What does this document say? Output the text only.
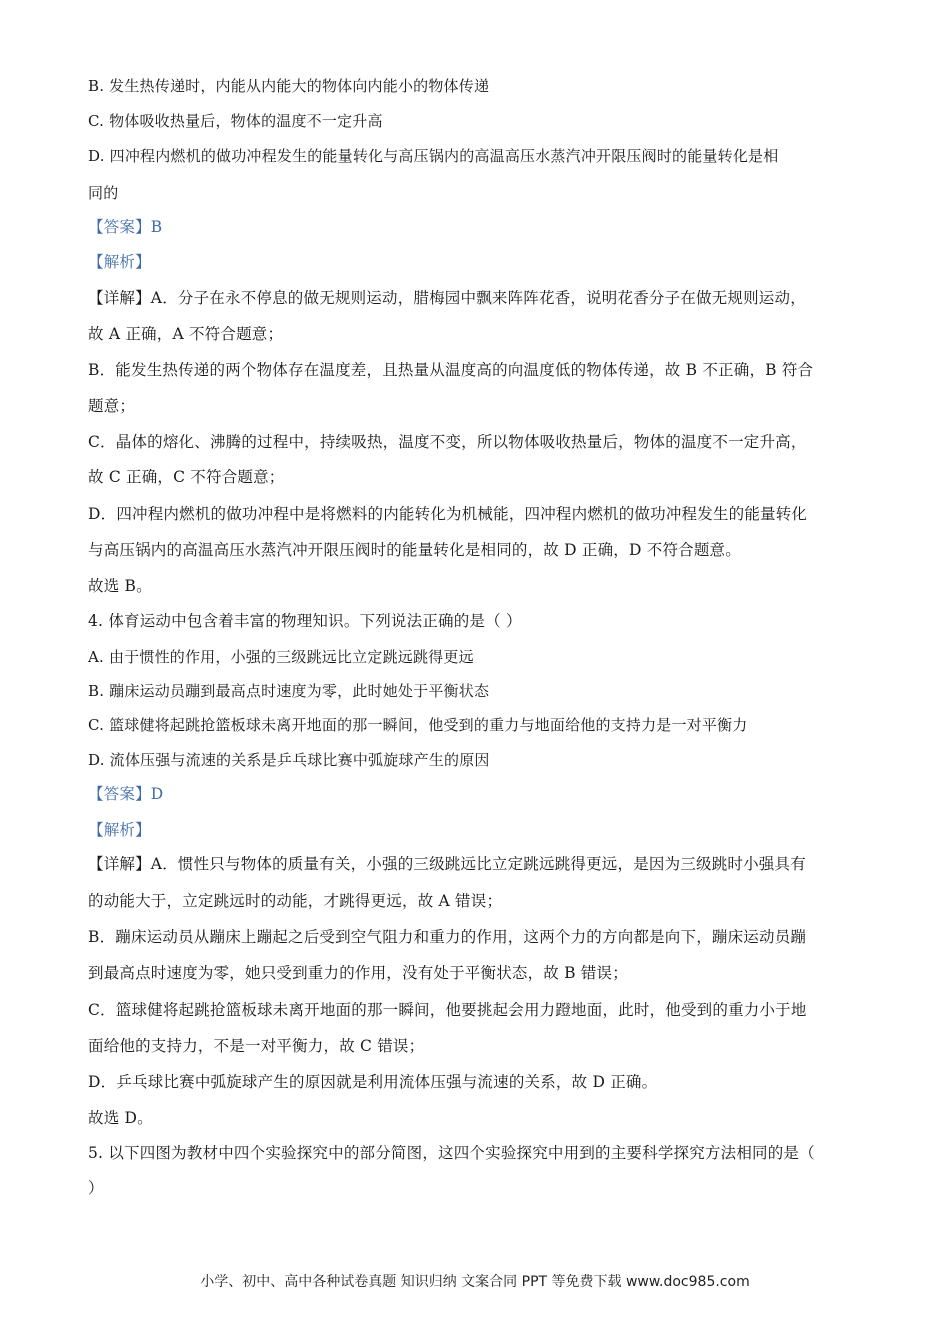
B. 发生热传递时，内能从内能大的物体向内能小的物体传递
C. 物体吸收热量后，物体的温度不一定升高
D. 四冲程内燃机的做功冲程发生的能量转化与高压锅内的高温高压水蒸汽冲开限压阀时的能量转化是相
同的
【答案】B
【解析】
【详解】A．分子在永不停息的做无规则运动，腊梅园中飘来阵阵花香，说明花香分子在做无规则运动，
故 A 正确，A 不符合题意；
B．能发生热传递的两个物体存在温度差，且热量从温度高的向温度低的物体传递，故 B 不正确，B 符合
题意；
C．晶体的熔化、沸腾的过程中，持续吸热，温度不变，所以物体吸收热量后，物体的温度不一定升高，
故 C 正确，C 不符合题意；
D．四冲程内燃机的做功冲程中是将燃料的内能转化为机械能，四冲程内燃机的做功冲程发生的能量转化
与高压锅内的高温高压水蒸汽冲开限压阀时的能量转化是相同的，故 D 正确，D 不符合题意。
故选 B。
4. 体育运动中包含着丰富的物理知识。下列说法正确的是（ ）
A. 由于惯性的作用，小强的三级跳远比立定跳远跳得更远
B. 蹦床运动员蹦到最高点时速度为零，此时她处于平衡状态
C. 篮球健将起跳抢篮板球未离开地面的那一瞬间，他受到的重力与地面给他的支持力是一对平衡力
D. 流体压强与流速的关系是乒乓球比赛中弧旋球产生的原因
【答案】D
【解析】
【详解】A．惯性只与物体的质量有关，小强的三级跳远比立定跳远跳得更远，是因为三级跳时小强具有
的动能大于，立定跳远时的动能，才跳得更远，故 A 错误；
B．蹦床运动员从蹦床上蹦起之后受到空气阻力和重力的作用，这两个力的方向都是向下，蹦床运动员蹦
到最高点时速度为零，她只受到重力的作用，没有处于平衡状态，故 B 错误；
C．篮球健将起跳抢篮板球未离开地面的那一瞬间，他要挑起会用力蹬地面，此时，他受到的重力小于地
面给他的支持力，不是一对平衡力，故 C 错误；
D．乒乓球比赛中弧旋球产生的原因就是利用流体压强与流速的关系，故 D 正确。
故选 D。
5. 以下四图为教材中四个实验探究中的部分简图，这四个实验探究中用到的主要科学探究方法相同的是（
）
小学、初中、高中各种试卷真题 知识归纳 文案合同 PPT 等免费下载 www.doc985.com
